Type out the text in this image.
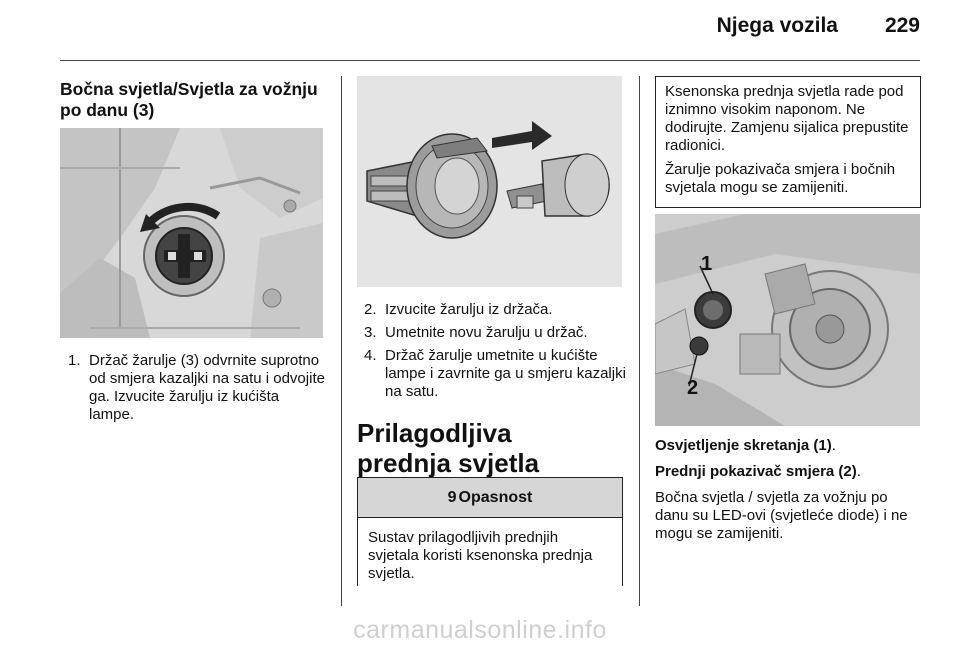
Njega vozila 229
Bočna svjetla/Svjetla za vožnju po danu (3)
1. Držač žarulje (3) odvrnite suprotno od smjera kazaljki na satu i odvojite ga. Izvucite žarulju iz kućišta lampe.
2. Izvucite žarulju iz držača.
3. Umetnite novu žarulju u držač.
4. Držač žarulje umetnite u kućište lampe i zavrnite ga u smjeru kazaljki na satu.
Prilagodljiva prednja svjetla
9 Opasnost
Sustav prilagodljivih prednjih svjetala koristi ksenonska prednja svjetla.

Ksenonska prednja svjetla rade pod iznimno visokim naponom. Ne dodirujte. Zamjenu sijalica prepustite radionici.

Žarulje pokazivača smjera i bočnih svjetala mogu se zamijeniti.

1
2

Osvjetljenje skretanja (1).

Prednji pokazivač smjera (2).

Bočna svjetla / svjetla za vožnju po danu su LED-ovi (svjetleće diode) i ne mogu se zamijeniti.

carmanualsonline.info
